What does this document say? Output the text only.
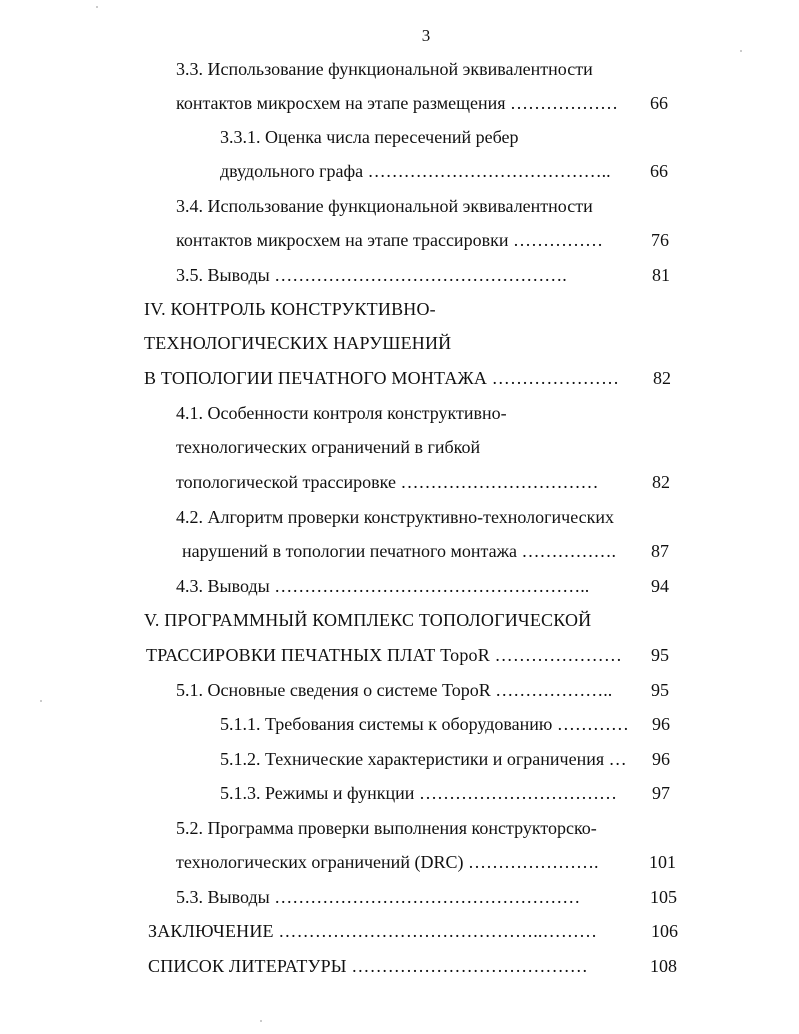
3
3.3. Использование функциональной эквивалентности
контактов микросхем на этапе размещения ………………	66
3.3.1. Оценка числа пересечений ребер
двудольного графа …………………………………..	66
3.4. Использование функциональной эквивалентности
контактов микросхем на этапе трассировки ……………	76
3.5. Выводы ………………………………………….	81
IV. КОНТРОЛЬ КОНСТРУКТИВНО-
ТЕХНОЛОГИЧЕСКИХ НАРУШЕНИЙ
В ТОПОЛОГИИ ПЕЧАТНОГО МОНТАЖА …………………	82
4.1. Особенности контроля конструктивно-
технологических ограничений в гибкой
топологической трассировке ……………………………	82
4.2. Алгоритм проверки конструктивно-технологических
нарушений в топологии печатного монтажа …………….	87
4.3. Выводы ……………………………………………..	94
V. ПРОГРАММНЫЙ КОМПЛЕКС ТОПОЛОГИЧЕСКОЙ
ТРАССИРОВКИ ПЕЧАТНЫХ ПЛАТ TopoR …………………	95
5.1. Основные сведения о системе TopoR ………………..	95
5.1.1. Требования системы к оборудованию …………	96
5.1.2. Технические характеристики и ограничения …	96
5.1.3. Режимы и функции ……………………………	97
5.2. Программа проверки выполнения конструкторско-
технологических ограничений (DRC) ………………….	101
5.3. Выводы ……………………………………………	105
ЗАКЛЮЧЕНИЕ ……………………………………..………	106
СПИСОК ЛИТЕРАТУРЫ …………………………………	108
